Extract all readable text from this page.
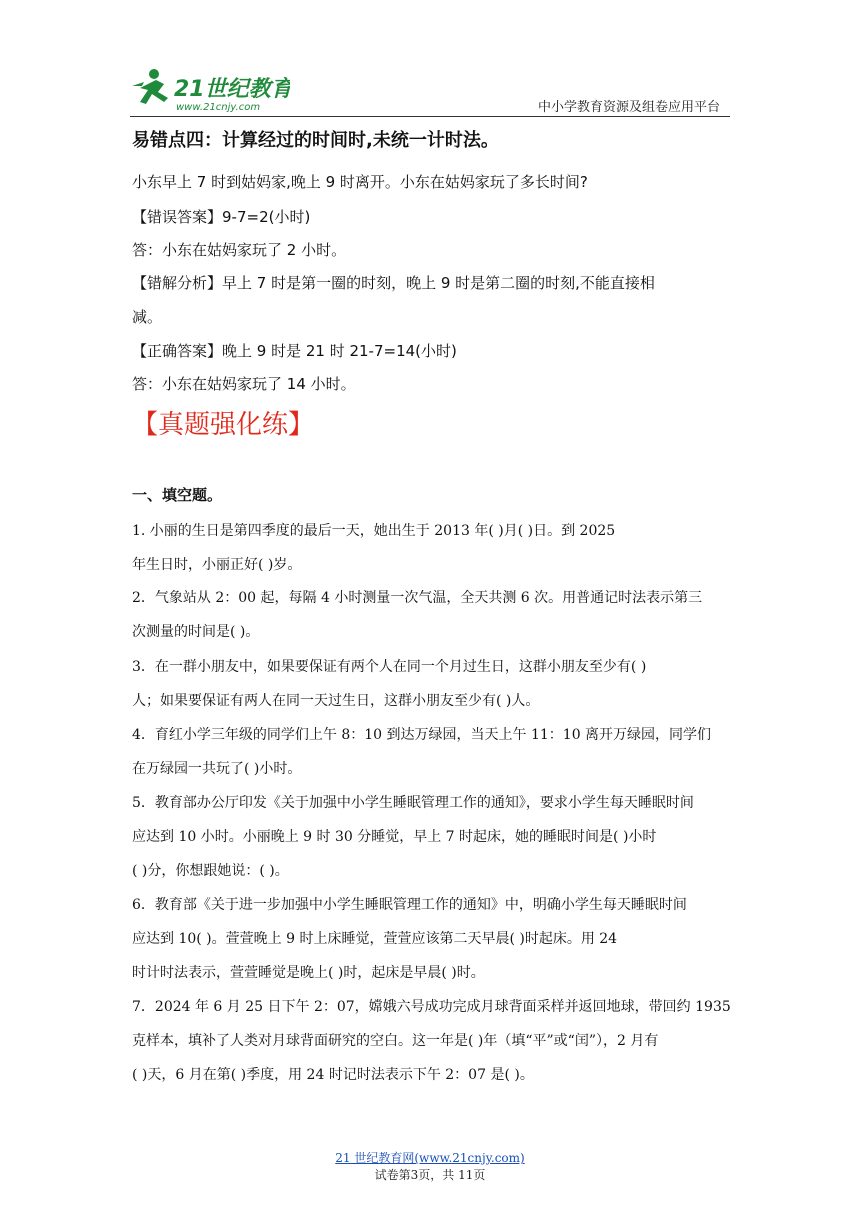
21世纪教育
www.21cnjy.com	中小学教育资源及组卷应用平台
易错点四：计算经过的时间时,未统一计时法。
小东早上 7 时到姑妈家,晚上 9 时离开。小东在姑妈家玩了多长时间?
【错误答案】9-7=2(小时)
答：小东在姑妈家玩了 2 小时。
【错解分析】早上 7 时是第一圈的时刻，晚上 9 时是第二圈的时刻,不能直接相
减。
【正确答案】晚上 9 时是 21 时 21-7=14(小时)
答：小东在姑妈家玩了 14 小时。
【真题强化练】
一、填空题。
1. 小丽的生日是第四季度的最后一天，她出生于 2013 年( )月( )日。到 2025
年生日时，小丽正好( )岁。
2．气象站从 2：00 起，每隔 4 小时测量一次气温，全天共测 6 次。用普通记时法表示第三
次测量的时间是( )。
3．在一群小朋友中，如果要保证有两个人在同一个月过生日，这群小朋友至少有( )
人；如果要保证有两人在同一天过生日，这群小朋友至少有( )人。
4．育红小学三年级的同学们上午 8：10 到达万绿园，当天上午 11：10 离开万绿园，同学们
在万绿园一共玩了( )小时。
5．教育部办公厅印发《关于加强中小学生睡眠管理工作的通知》，要求小学生每天睡眠时间
应达到 10 小时。小丽晚上 9 时 30 分睡觉，早上 7 时起床，她的睡眠时间是( )小时
( )分，你想跟她说：( )。
6．教育部《关于进一步加强中小学生睡眠管理工作的通知》中，明确小学生每天睡眠时间
应达到 10( )。萱萱晚上 9 时上床睡觉，萱萱应该第二天早晨( )时起床。用 24
时计时法表示，萱萱睡觉是晚上( )时，起床是早晨( )时。
7．2024 年 6 月 25 日下午 2：07，嫦娥六号成功完成月球背面采样并返回地球，带回约 1935
克样本，填补了人类对月球背面研究的空白。这一年是( )年（填“平”或“闰”），2 月有
( )天，6 月在第( )季度，用 24 时记时法表示下午 2：07 是( )。
21 世纪教育网(www.21cnjy.com)
试卷第3页，共 11页
